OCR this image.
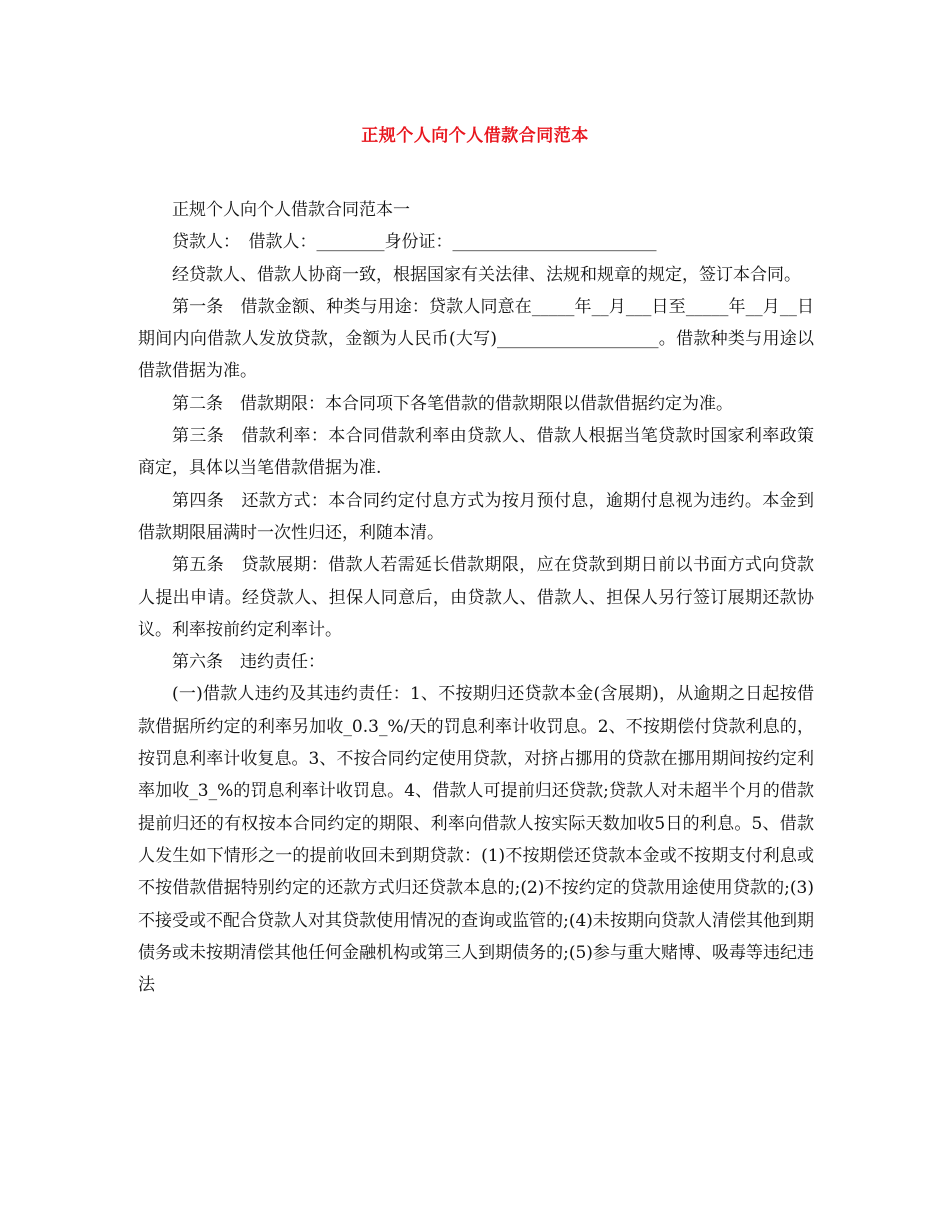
正规个人向个人借款合同范本

正规个人向个人借款合同范本一

贷款人：　借款人：________身份证：________________________

经贷款人、借款人协商一致，根据国家有关法律、法规和规章的规定，签订本合同。

第一条　借款金额、种类与用途：贷款人同意在_____年__月___日至_____年__月__日期间内向借款人发放贷款，金额为人民币(大写)___________________。借款种类与用途以借款借据为准。

第二条　借款期限：本合同项下各笔借款的借款期限以借款借据约定为准。

第三条　借款利率：本合同借款利率由贷款人、借款人根据当笔贷款时国家利率政策商定，具体以当笔借款借据为准.

第四条　还款方式：本合同约定付息方式为按月预付息，逾期付息视为违约。本金到借款期限届满时一次性归还，利随本清。

第五条　贷款展期：借款人若需延长借款期限，应在贷款到期日前以书面方式向贷款人提出申请。经贷款人、担保人同意后，由贷款人、借款人、担保人另行签订展期还款协议。利率按前约定利率计。

第六条　违约责任：

(一)借款人违约及其违约责任：1、不按期归还贷款本金(含展期)，从逾期之日起按借款借据所约定的利率另加收_0.3_%/天的罚息利率计收罚息。2、不按期偿付贷款利息的，按罚息利率计收复息。3、不按合同约定使用贷款，对挤占挪用的贷款在挪用期间按约定利率加收_3_%的罚息利率计收罚息。4、借款人可提前归还贷款;贷款人对未超半个月的借款提前归还的有权按本合同约定的期限、利率向借款人按实际天数加收5日的利息。5、借款人发生如下情形之一的提前收回未到期贷款：(1)不按期偿还贷款本金或不按期支付利息或不按借款借据特别约定的还款方式归还贷款本息的;(2)不按约定的贷款用途使用贷款的;(3)不接受或不配合贷款人对其贷款使用情况的查询或监管的;(4)未按期向贷款人清偿其他到期债务或未按期清偿其他任何金融机构或第三人到期债务的;(5)参与重大赌博、吸毒等违纪违法
